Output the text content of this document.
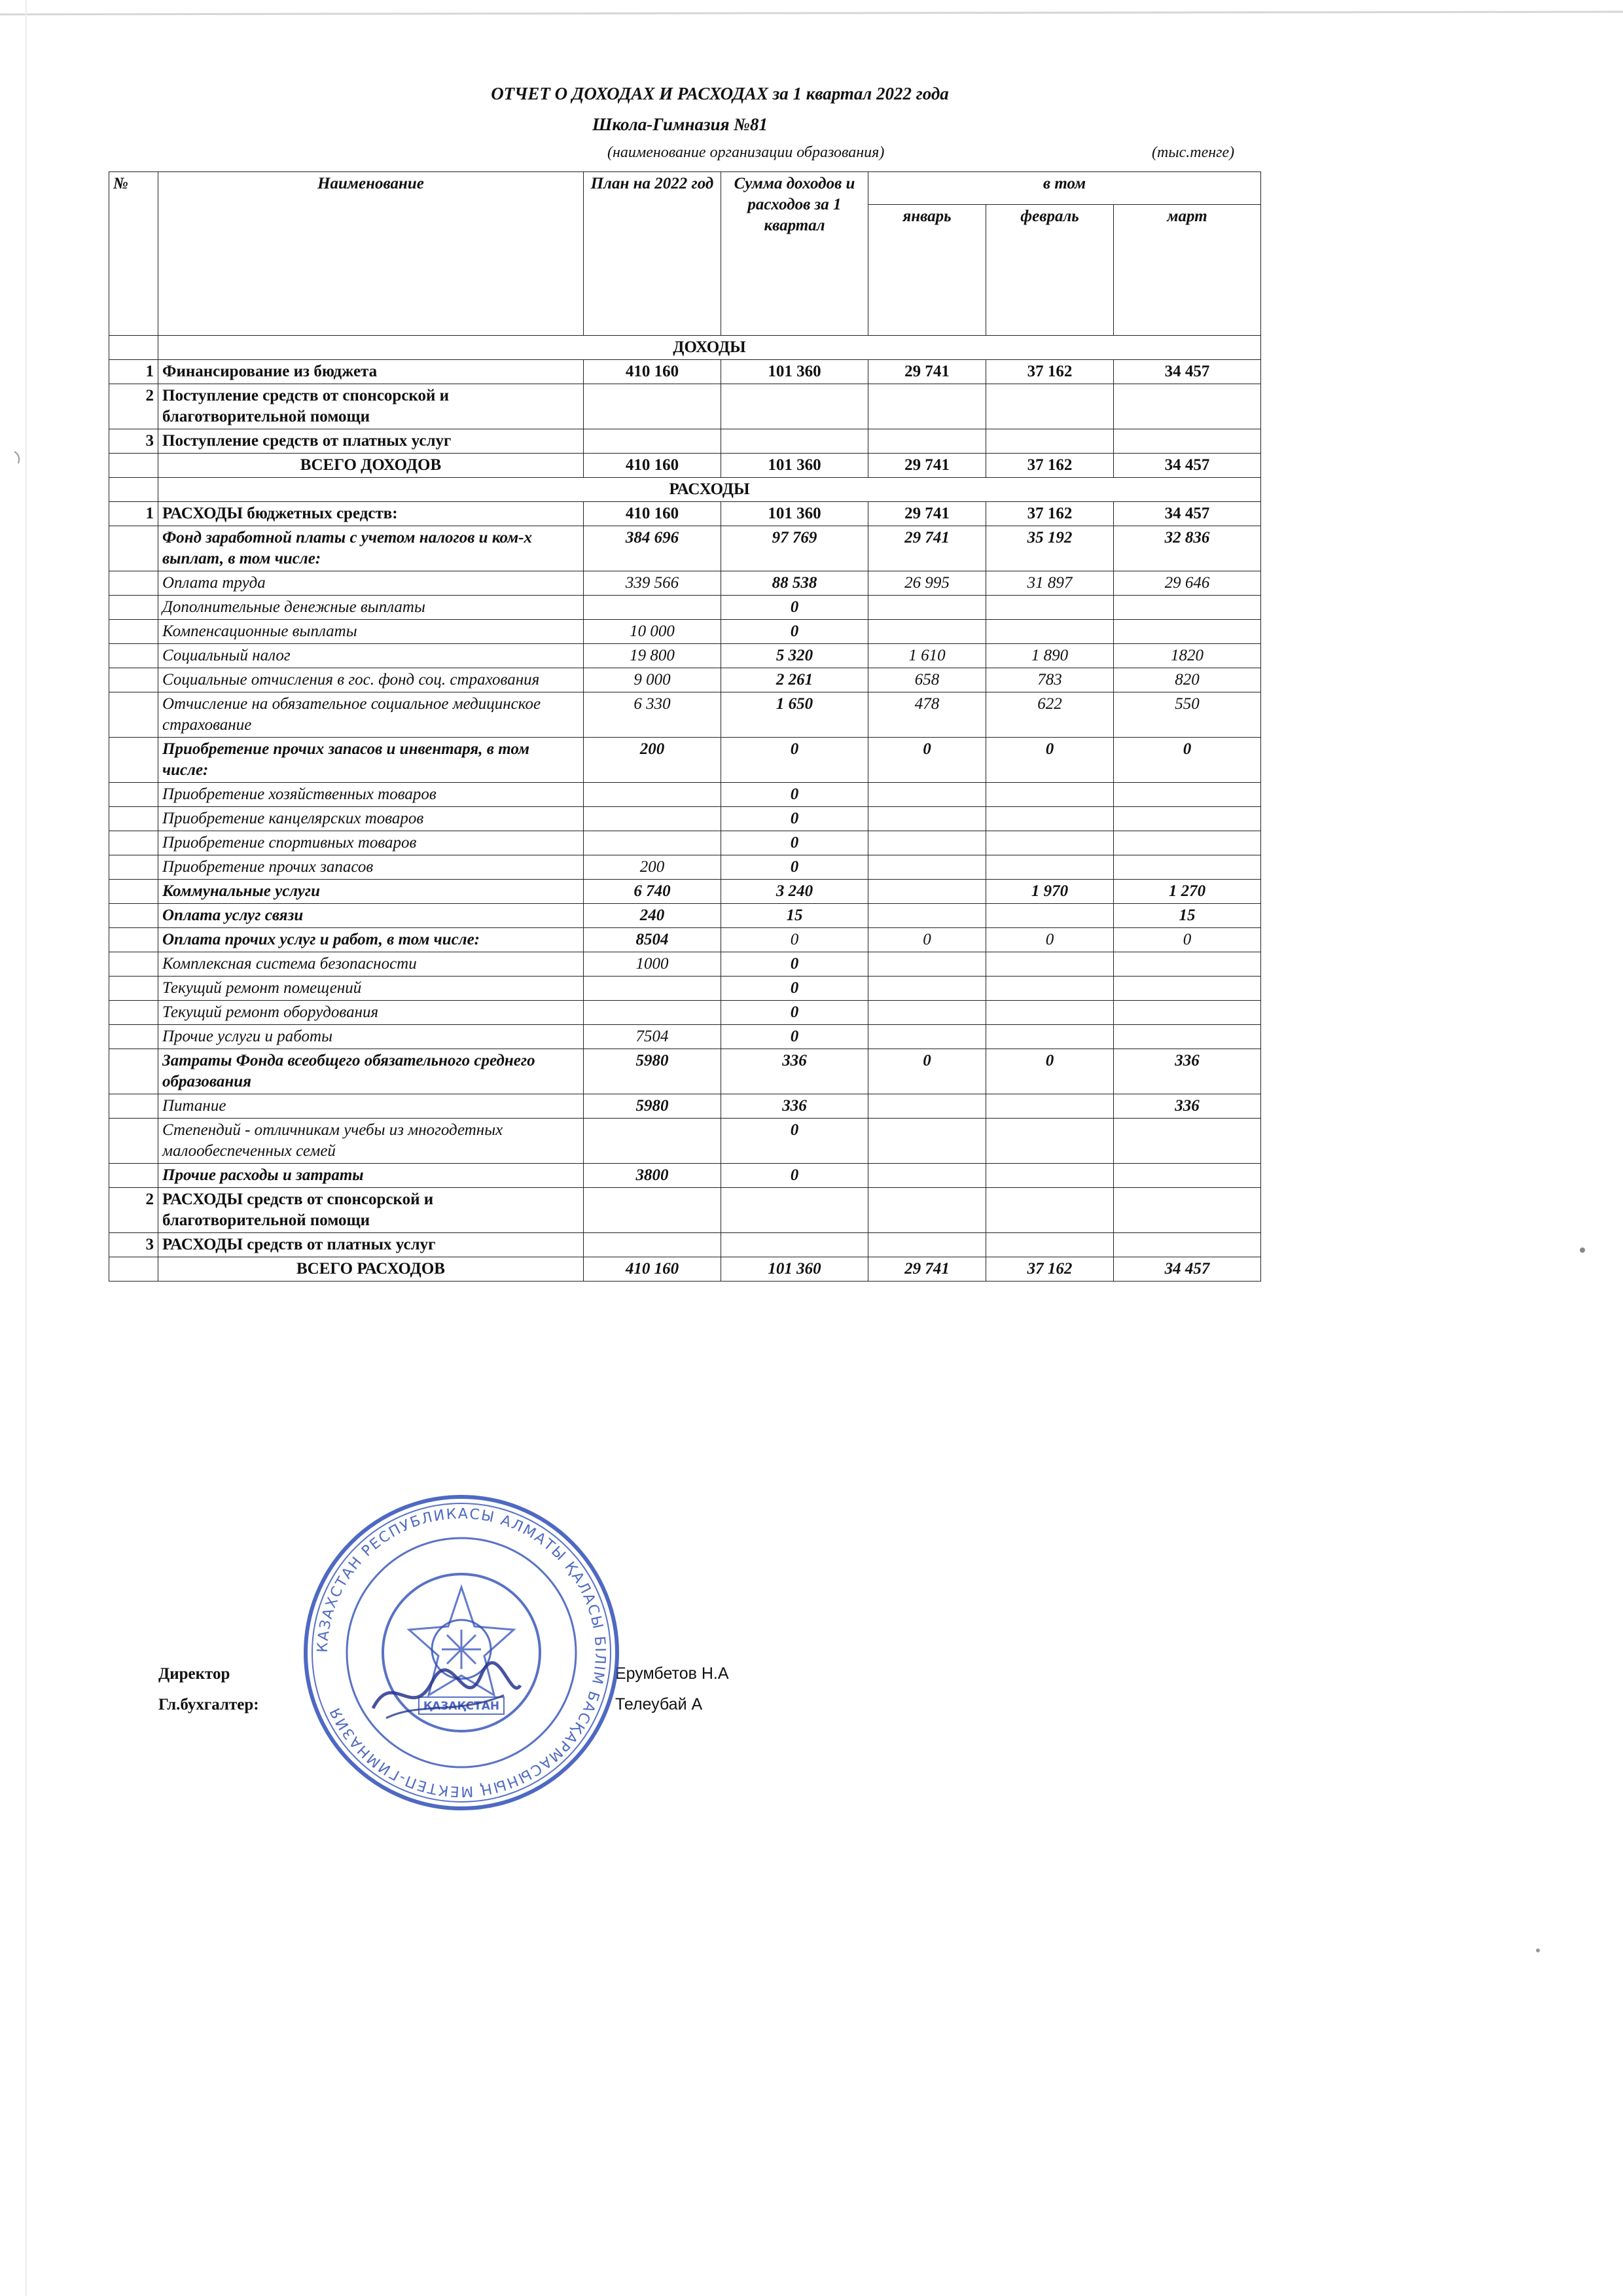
ОТЧЕТ О ДОХОДАХ И РАСХОДАХ за 1 квартал 2022 года
Школа-Гимназия №81
(наименование организации образования)	(тыс.тенге)
№	Наименование	План на 2022 год	Сумма доходов и расходов за 1 квартал	в том		
				январь	февраль	март
	ДОХОДЫ					
1	Финансирование из бюджета	410 160	101 360	29 741	37 162	34 457
2	Поступление средств от спонсорской и благотворительной помощи					
3	Поступление средств от платных услуг					
	ВСЕГО ДОХОДОВ	410 160	101 360	29 741	37 162	34 457
	РАСХОДЫ					
1	РАСХОДЫ бюджетных средств:	410 160	101 360	29 741	37 162	34 457
	Фонд заработной платы с учетом налогов и ком-х выплат, в том числе:	384 696	97 769	29 741	35 192	32 836
	Оплата труда	339 566	88 538	26 995	31 897	29 646
	Дополнительные денежные выплаты		0			
	Компенсационные выплаты	10 000	0			
	Социальный налог	19 800	5 320	1 610	1 890	1820
	Социальные отчисления в гос. фонд соц. страхования	9 000	2 261	658	783	820
	Отчисление на обязательное социальное медицинское страхование	6 330	1 650	478	622	550
	Приобретение прочих запасов и инвентаря, в том числе:	200	0	0	0	0
	Приобретение хозяйственных товаров		0			
	Приобретение канцелярских товаров		0			
	Приобретение спортивных товаров		0			
	Приобретение прочих запасов	200	0			
	Коммунальные услуги	6 740	3 240		1 970	1 270
	Оплата услуг связи	240	15			15
	Оплата прочих услуг и работ, в том числе:	8504	0	0	0	0
	Комплексная система безопасности	1000	0			
	Текущий ремонт помещений		0			
	Текущий ремонт оборудования		0			
	Прочие услуги и работы	7504	0			
	Затраты Фонда всеобщего обязательного среднего образования	5980	336	0	0	336
	Питание	5980	336			336
	Степендий - отличникам учебы из многодетных малообеспеченных семей		0			
	Прочие расходы и затраты	3800	0			
2	РАСХОДЫ средств от спонсорской и благотворительной помощи					
3	РАСХОДЫ средств от платных услуг					
	ВСЕГО РАСХОДОВ	410 160	101 360	29 741	37 162	34 457
Директор	Ерумбетов Н.А
Гл.бухгалтер:	Телеубай А
КАЗАХСТАН РЕСПУБЛИКАСЫ АЛМАТЫ ҚАЛАСЫ БІЛІМ БАСҚАРМАСЫНЫҢ МЕКТЕП-ГИМНАЗИЯ	ҚАЗАҚСТАН
